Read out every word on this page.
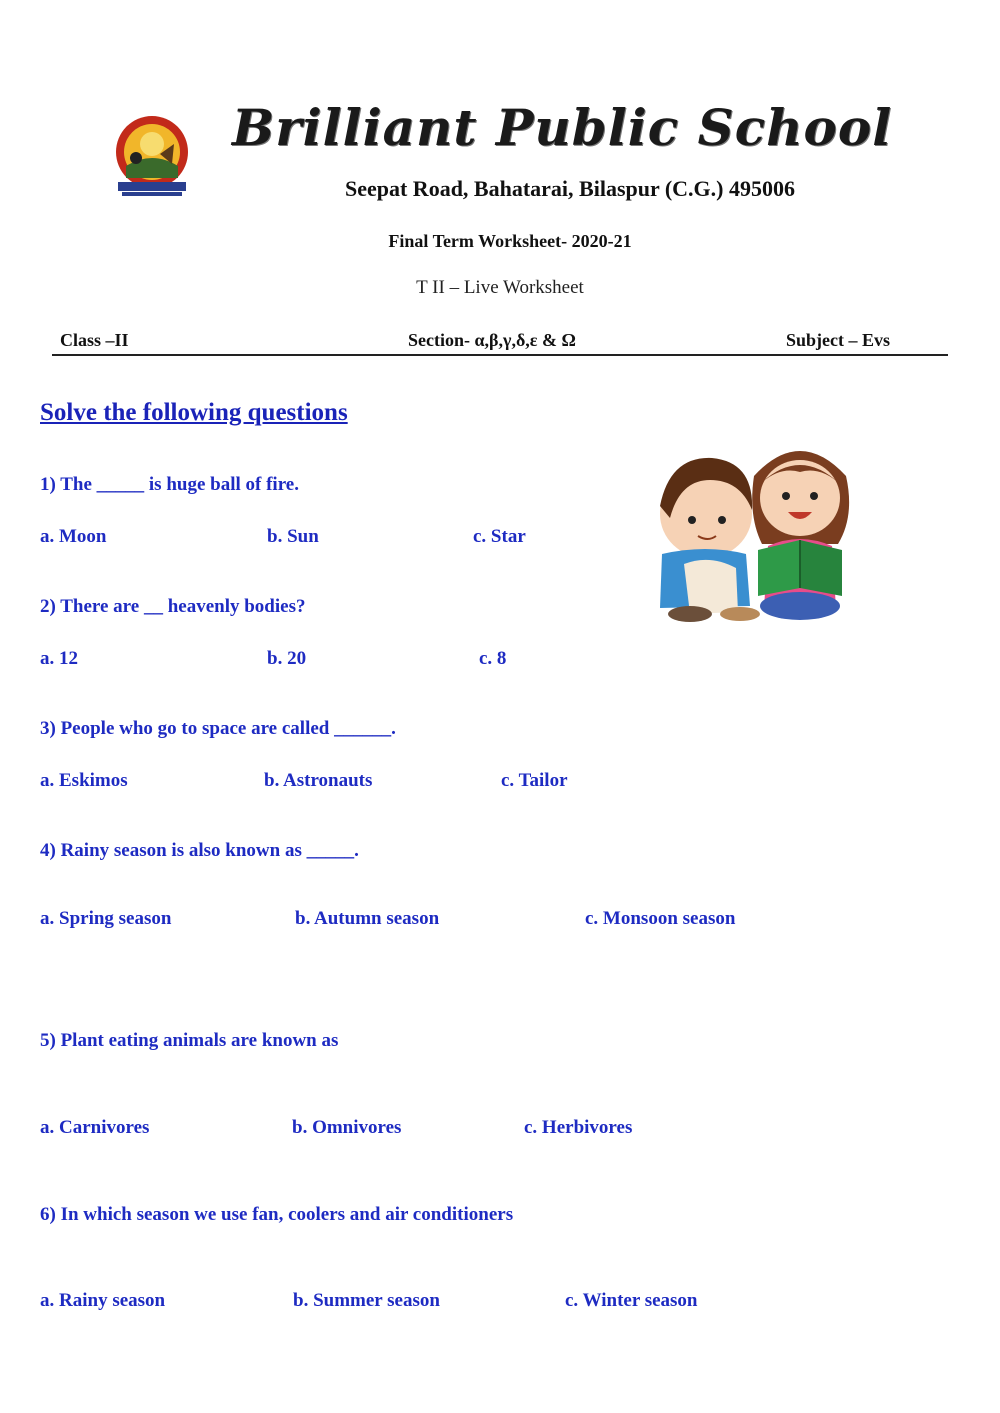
Brilliant Public School
Seepat Road, Bahatarai, Bilaspur (C.G.) 495006
Final Term Worksheet- 2020-21
T II – Live Worksheet
Class –II	Section- α,β,γ,δ,ε & Ω	Subject – Evs
Solve the following questions
1) The _____ is huge ball of fire.
a. Moon	b. Sun	c. Star
2) There are __ heavenly bodies?
a. 12	b. 20	c. 8
3) People who go to space are called ______.
a. Eskimos	b. Astronauts	c. Tailor
4) Rainy season is also known as _____.
a. Spring season	b. Autumn season	c. Monsoon season
5) Plant eating animals are known as
a. Carnivores	b. Omnivores	c. Herbivores
6) In which season we use fan, coolers and air conditioners
a. Rainy season	b. Summer season	c. Winter season
